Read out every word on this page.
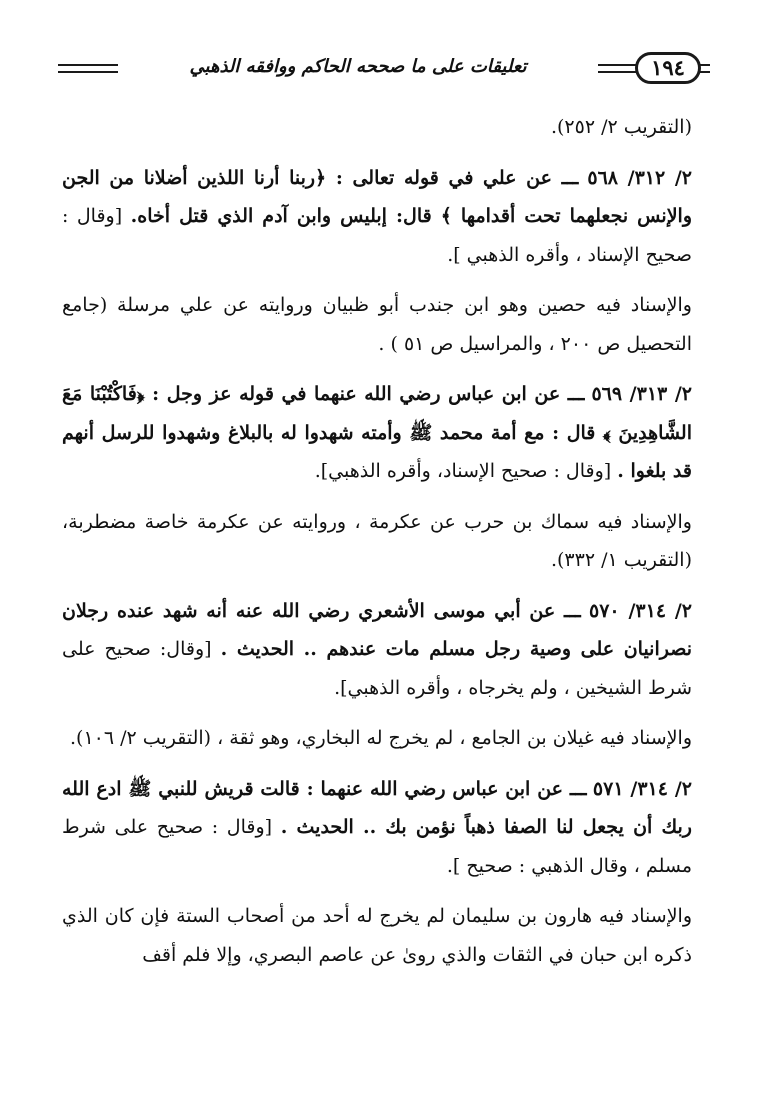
تعليقات على ما صححه الحاكم ووافقه الذهبي	١٩٤

(التقريب ٢/ ٢٥٢).

٢/ ٣١٢/ ٥٦٨ ـــ عن علي في قوله تعالى : ﴿ربنا أرنا اللذين أضلانا من الجن والإنس نجعلهما تحت أقدامها ﴾ قال: إبليس وابن آدم الذي قتل أخاه. [وقال : صحيح الإسناد ، وأقره الذهبي ].

والإسناد فيه حصين وهو ابن جندب أبو ظبيان وروايته عن علي مرسلة (جامع التحصيل ص ٢٠٠ ، والمراسيل ص ٥١ ) .

٢/ ٣١٣/ ٥٦٩ ـــ عن ابن عباس رضي الله عنهما في قوله عز وجل : ﴿فَاكْتُبْنَا مَعَ الشَّاهِدِينَ ﴾ قال : مع أمة محمد ﷺ وأمته شهدوا له بالبلاغ وشهدوا للرسل أنهم قد بلغوا . [وقال : صحيح الإسناد، وأقره الذهبي].

والإسناد فيه سماك بن حرب عن عكرمة ، وروايته عن عكرمة خاصة مضطربة، (التقريب ١/ ٣٣٢).

٢/ ٣١٤/ ٥٧٠ ـــ عن أبي موسى الأشعري رضي الله عنه أنه شهد عنده رجلان نصرانيان على وصية رجل مسلم مات عندهم .. الحديث . [وقال: صحيح على شرط الشيخين ، ولم يخرجاه ، وأقره الذهبي].

والإسناد فيه غيلان بن الجامع ، لم يخرج له البخاري، وهو ثقة ، (التقريب ٢/ ١٠٦).

٢/ ٣١٤/ ٥٧١ ـــ عن ابن عباس رضي الله عنهما : قالت قريش للنبي ﷺ ادع الله ربك أن يجعل لنا الصفا ذهباً نؤمن بك .. الحديث . [وقال : صحيح على شرط مسلم ، وقال الذهبي : صحيح ].

والإسناد فيه هارون بن سليمان لم يخرج له أحد من أصحاب الستة فإن كان الذي ذكره ابن حبان في الثقات والذي روىٰ عن عاصم البصري، وإلا فلم أقف
